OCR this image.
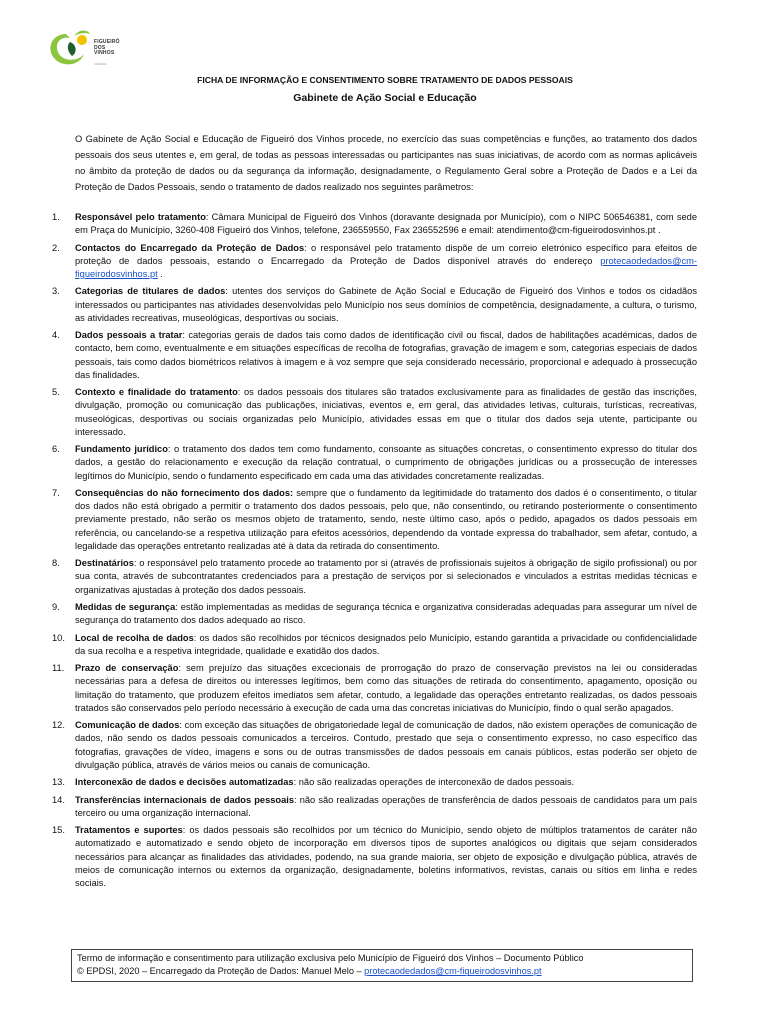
FIGUEIRÓ
DOS
VINHOS
CÂMARA
FICHA DE INFORMAÇÃO E CONSENTIMENTO SOBRE TRATAMENTO DE DADOS PESSOAIS
Gabinete de Ação Social e Educação
O Gabinete de Ação Social e Educação de Figueiró dos Vinhos procede, no exercício das suas competências e funções, ao tratamento dos dados pessoais dos seus utentes e, em geral, de todas as pessoas interessadas ou participantes nas suas iniciativas, de acordo com as normas aplicáveis no âmbito da proteção de dados ou da segurança da informação, designadamente, o Regulamento Geral sobre a Proteção de Dados e a Lei da Proteção de Dados Pessoais, sendo o tratamento de dados realizado nos seguintes parâmetros:
1.	Responsável pelo tratamento: Câmara Municipal de Figueiró dos Vinhos (doravante designada por Município), com o NIPC 506546381, com sede em Praça do Município, 3260-408 Figueiró dos Vinhos, telefone, 236559550, Fax 236552596 e email: atendimento@cm-figueirodosvinhos.pt .
2.	Contactos do Encarregado da Proteção de Dados: o responsável pelo tratamento dispõe de um correio eletrónico específico para efeitos de proteção de dados pessoais, estando o Encarregado da Proteção de Dados disponível através do endereço protecaodedados@cm-figueirodosvinhos.pt .
3.	Categorias de titulares de dados: utentes dos serviços do Gabinete de Ação Social e Educação de Figueiró dos Vinhos e todos os cidadãos interessados ou participantes nas atividades desenvolvidas pelo Município nos seus domínios de competência, designadamente, a cultura, o turismo, as atividades recreativas, museológicas, desportivas ou sociais.
4.	Dados pessoais a tratar: categorias gerais de dados tais como dados de identificação civil ou fiscal, dados de habilitações académicas, dados de contacto, bem como, eventualmente e em situações específicas de recolha de fotografias, gravação de imagem e som, categorias especiais de dados pessoais, tais como dados biométricos relativos à imagem e à voz sempre que seja considerado necessário, proporcional e adequado à prossecução das finalidades.
5.	Contexto e finalidade do tratamento: os dados pessoais dos titulares são tratados exclusivamente para as finalidades de gestão das inscrições, divulgação, promoção ou comunicação das publicações, iniciativas, eventos e, em geral, das atividades letivas, culturais, turísticas, recreativas, museológicas, desportivas ou sociais organizadas pelo Município, atividades essas em que o titular dos dados seja utente, participante ou interessado.
6.	Fundamento jurídico: o tratamento dos dados tem como fundamento, consoante as situações concretas, o consentimento expresso do titular dos dados, a gestão do relacionamento e execução da relação contratual, o cumprimento de obrigações jurídicas ou a prossecução de interesses legítimos do Município, sendo o fundamento especificado em cada uma das atividades concretamente realizadas.
7.	Consequências do não fornecimento dos dados: sempre que o fundamento da legitimidade do tratamento dos dados é o consentimento, o titular dos dados não está obrigado a permitir o tratamento dos dados pessoais, pelo que, não consentindo, ou retirando posteriormente o consentimento previamente prestado, não serão os mesmos objeto de tratamento, sendo, neste último caso, após o pedido, apagados os dados pessoais em referência, ou cancelando-se a respetiva utilização para efeitos acessórios, dependendo da vontade expressa do trabalhador, sem afetar, contudo, a legalidade das operações entretanto realizadas até à data da retirada do consentimento.
8.	Destinatários: o responsável pelo tratamento procede ao tratamento por si (através de profissionais sujeitos à obrigação de sigilo profissional) ou por sua conta, através de subcontratantes credenciados para a prestação de serviços por si selecionados e vinculados a estritas medidas técnicas e organizativas ajustadas à proteção dos dados pessoais.
9.	Medidas de segurança: estão implementadas as medidas de segurança técnica e organizativa consideradas adequadas para assegurar um nível de segurança do tratamento dos dados adequado ao risco.
10.	Local de recolha de dados: os dados são recolhidos por técnicos designados pelo Município, estando garantida a privacidade ou confidencialidade da sua recolha e a respetiva integridade, qualidade e exatidão dos dados.
11.	Prazo de conservação: sem prejuízo das situações excecionais de prorrogação do prazo de conservação previstos na lei ou consideradas necessárias para a defesa de direitos ou interesses legítimos, bem como das situações de retirada do consentimento, apagamento, oposição ou limitação do tratamento, que produzem efeitos imediatos sem afetar, contudo, a legalidade das operações entretanto realizadas, os dados pessoais tratados são conservados pelo período necessário à execução de cada uma das concretas iniciativas do Município, findo o qual serão apagados.
12.	Comunicação de dados: com exceção das situações de obrigatoriedade legal de comunicação de dados, não existem operações de comunicação de dados, não sendo os dados pessoais comunicados a terceiros. Contudo, prestado que seja o consentimento expresso, no caso específico das fotografias, gravações de vídeo, imagens e sons ou de outras transmissões de dados pessoais em canais públicos, estas poderão ser objeto de divulgação pública, através de vários meios ou canais de comunicação.
13.	Interconexão de dados e decisões automatizadas: não são realizadas operações de interconexão de dados pessoais.
14.	Transferências internacionais de dados pessoais: não são realizadas operações de transferência de dados pessoais de candidatos para um país terceiro ou uma organização internacional.
15.	Tratamentos e suportes: os dados pessoais são recolhidos por um técnico do Município, sendo objeto de múltiplos tratamentos de caráter não automatizado e automatizado e sendo objeto de incorporação em diversos tipos de suportes analógicos ou digitais que sejam considerados necessários para alcançar as finalidades das atividades, podendo, na sua grande maioria, ser objeto de exposição e divulgação pública, através de meios de comunicação internos ou externos da organização, designadamente, boletins informativos, revistas, canais ou sítios em linha e redes sociais.
Termo de informação e consentimento para utilização exclusiva pelo Município de Figueiró dos Vinhos – Documento Público
© EPDSI, 2020 – Encarregado da Proteção de Dados: Manuel Melo – protecaodedados@cm-figueirodosvinhos.pt
